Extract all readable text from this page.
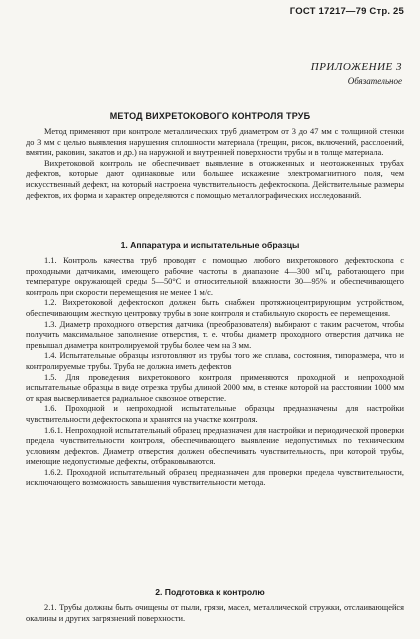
ГОСТ 17217—79 Стр. 25
ПРИЛОЖЕНИЕ 3
Обязательное
МЕТОД ВИХРЕТОКОВОГО КОНТРОЛЯ ТРУБ

Метод применяют при контроле металлических труб диаметром от 3 до 47 мм с толщиной стенки до 3 мм с целью выявления нарушения сплошности материала (трещин, рисок, включений, расслоений, вмятин, раковин, закатов и др.) на наружной и внутренней поверхности трубы и в толще материала.

Вихретоковой контроль не обеспечивает выявление в отожженных и неотожженных трубах дефектов, которые дают одинаковые или большее искажение электромагнитного поля, чем искусственный дефект, на который настроена чувствительность дефектоскопа. Действительные размеры дефектов, их форма и характер определяются с помощью металлографических исследований.

1. Аппаратура и испытательные образцы

1.1. Контроль качества труб проводят с помощью любого вихретокового дефектоскопа с проходными датчиками, имеющего рабочие частоты в диапазоне 4—300 мГц, работающего при температуре окружающей среды 5—50°С и относительной влажности 30—95% и обеспечивающего контроль при скорости перемещения не менее 1 м/с.

1.2. Вихретоковой дефектоскоп должен быть снабжен протяжноцентрирующим устройством, обеспечивающим жесткую центровку трубы в зоне контроля и стабильную скорость ее перемещения.

1.3. Диаметр проходного отверстия датчика (преобразователя) выбирают с таким расчетом, чтобы получить максимальное заполнение отверстия, т. е. чтобы диаметр проходного отверстия датчика не превышал диаметра контролируемой трубы более чем на 3 мм.

1.4. Испытательные образцы изготовляют из трубы того же сплава, состояния, типоразмера, что и контролируемые трубы. Труба не должна иметь дефектов

1.5. Для проведения вихретокового контроля применяются проходной и непроходной испытательные образцы в виде отрезка трубы длиной 2000 мм, в стенке которой на расстоянии 1000 мм от края высверливается радиальное сквозное отверстие.

1.6. Проходной и непроходной испытательные образцы предназначены для настройки чувствительности дефектоскопа и хранятся на участке контроля.

1.6.1. Непроходной испытательный образец предназначен для настройки и периодической проверки предела чувствительности контроля, обеспечивающего выявление недопустимых по техническим условиям дефектов. Диаметр отверстия должен обеспечивать чувствительность, при которой трубы, имеющие недопустимые дефекты, отбраковываются.

1.6.2. Проходной испытательный образец предназначен для проверки предела чувствительности, исключающего возможность завышения чувствительности метода.

2. Подготовка к контролю

2.1. Трубы должны быть очищены от пыли, грязи, масел, металлической стружки, отслаивающейся окалины и других загрязнений поверхности.
